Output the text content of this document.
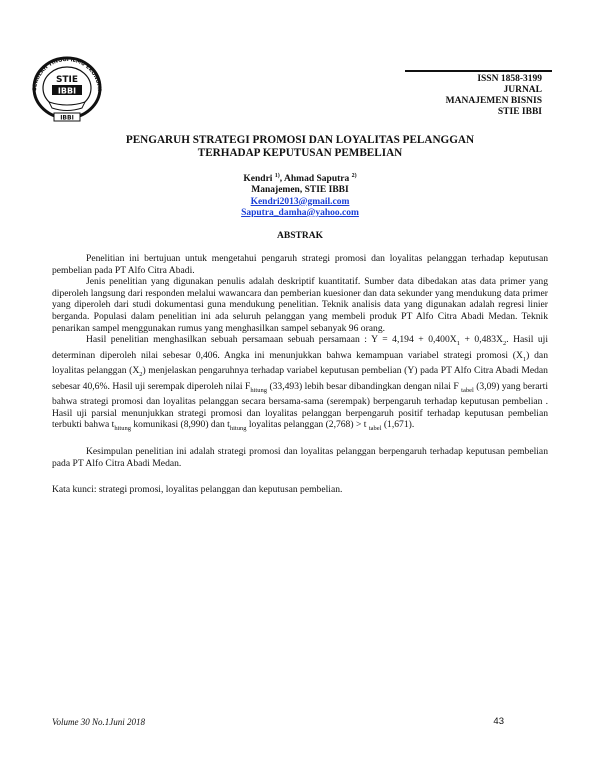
SEKOLAH TINGGI ILMU EKONOMI
STIE
IBBI
IBBI
ISSN 1858-3199
JURNAL
MANAJEMEN BISNIS
STIE IBBI
PENGARUH STRATEGI PROMOSI DAN LOYALITAS PELANGGAN
TERHADAP KEPUTUSAN PEMBELIAN
Kendri $^{1)}$, Ahmad Saputra $^{2)}$
Manajemen, STIE IBBI
Kendri2013@gmail.com
Saputra_damha@yahoo.com
ABSTRAK

Penelitian ini bertujuan untuk mengetahui pengaruh strategi promosi dan loyalitas pelanggan terhadap keputusan pembelian pada PT Alfo Citra Abadi.

Jenis penelitian yang digunakan penulis adalah deskriptif kuantitatif. Sumber data dibedakan atas data primer yang diperoleh langsung dari responden melalui wawancara dan pemberian kuesioner dan data sekunder yang mendukung data primer yang diperoleh dari studi dokumentasi guna mendukung penelitian. Teknik analisis data yang digunakan adalah regresi linier berganda. Populasi dalam penelitian ini ada seluruh pelanggan yang membeli produk PT Alfo Citra Abadi Medan. Teknik penarikan sampel menggunakan rumus yang menghasilkan sampel sebanyak 96 orang.

Hasil penelitian menghasilkan sebuah persamaan sebuah persamaan : $Y = 4,194 + 0,400X_1 + 0,483X_2$. Hasil uji determinan diperoleh nilai sebesar 0,406. Angka ini menunjukkan bahwa kemampuan variabel strategi promosi $(X_1)$ dan loyalitas pelanggan $(X_2)$ menjelaskan pengaruhnya terhadap variabel keputusan pembelian (Y) pada PT Alfo Citra Abadi Medan sebesar 40,6%. Hasil uji serempak diperoleh nilai $F_{hitung}$ (33,493) lebih besar dibandingkan dengan nilai F $_{tabel}$ (3,09) yang berarti bahwa strategi promosi dan loyalitas pelanggan secara bersama-sama (serempak) berpengaruh terhadap keputusan pembelian . Hasil uji parsial menunjukkan strategi promosi dan loyalitas pelanggan berpengaruh positif terhadap keputusan pembelian terbukti bahwa $t_{hitung}$ komunikasi (8,990) dan $t_{hitung}$ loyalitas pelanggan (2,768) > t $_{tabel}$ (1,671).

Kesimpulan penelitian ini adalah strategi promosi dan loyalitas pelanggan berpengaruh terhadap keputusan pembelian pada PT Alfo Citra Abadi Medan.

Kata kunci: strategi promosi, loyalitas pelanggan dan keputusan pembelian.

Volume 30 No.1Juni 2018	43
